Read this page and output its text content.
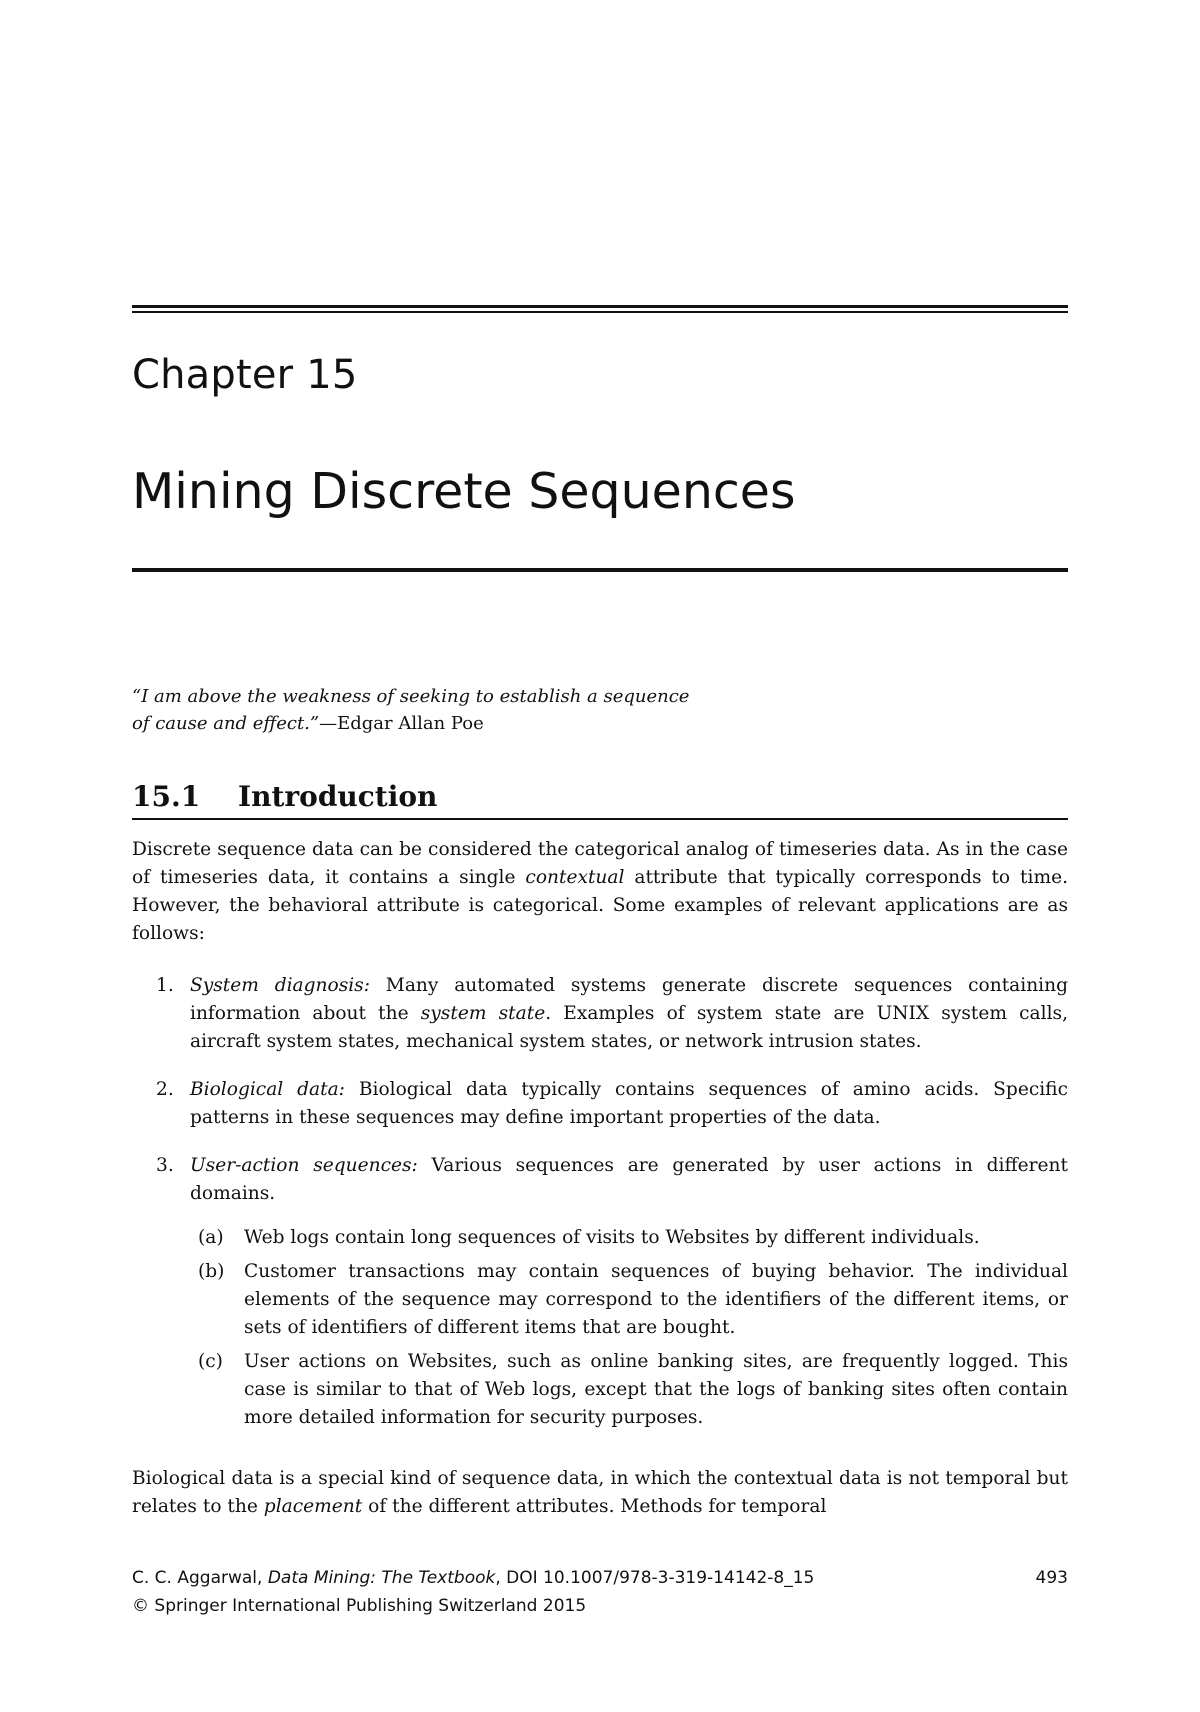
Chapter 15
Mining Discrete Sequences

“I am above the weakness of seeking to establish a sequence of cause and effect.”—Edgar Allan Poe

15.1 Introduction

Discrete sequence data can be considered the categorical analog of timeseries data. As in the case of timeseries data, it contains a single contextual attribute that typically corresponds to time. However, the behavioral attribute is categorical. Some examples of relevant applications are as follows:

1. System diagnosis: Many automated systems generate discrete sequences containing information about the system state. Examples of system state are UNIX system calls, aircraft system states, mechanical system states, or network intrusion states.
2. Biological data: Biological data typically contains sequences of amino acids. Specific patterns in these sequences may define important properties of the data.
3. User-action sequences: Various sequences are generated by user actions in different domains.
(a) Web logs contain long sequences of visits to Websites by different individuals.
(b) Customer transactions may contain sequences of buying behavior. The individual elements of the sequence may correspond to the identifiers of the different items, or sets of identifiers of different items that are bought.
(c) User actions on Websites, such as online banking sites, are frequently logged. This case is similar to that of Web logs, except that the logs of banking sites often contain more detailed information for security purposes.

Biological data is a special kind of sequence data, in which the contextual data is not temporal but relates to the placement of the different attributes. Methods for temporal

C. C. Aggarwal, Data Mining: The Textbook, DOI 10.1007/978-3-319-14142-8_15
© Springer International Publishing Switzerland 2015
493
